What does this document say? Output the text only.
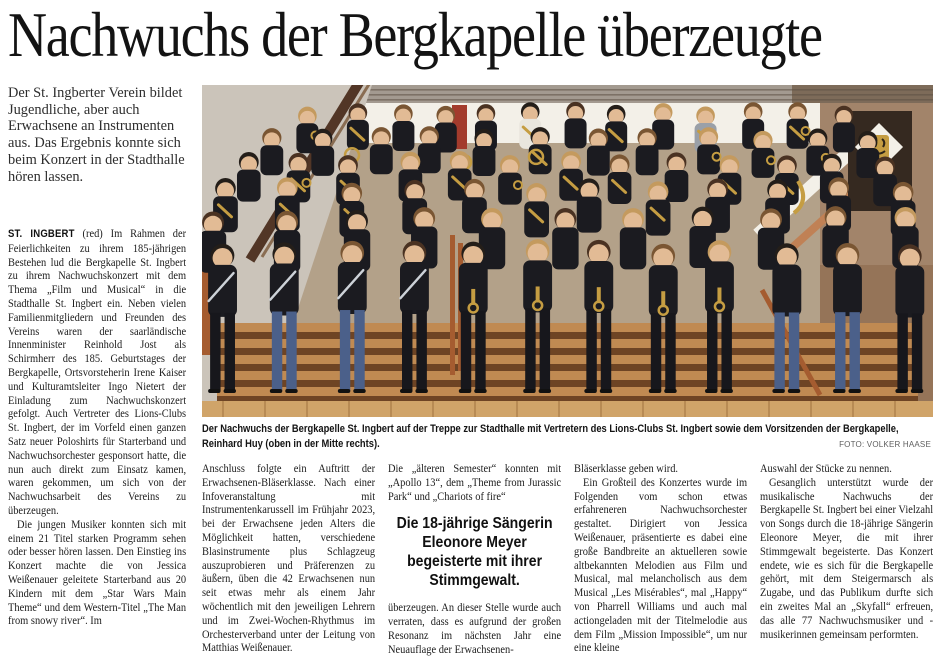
Nachwuchs der Bergkapelle überzeugte
Der St. Ingberter Verein bildet Jugendliche, aber auch Erwachsene an Instrumenten aus. Das Ergebnis konnte sich beim Konzert in der Stadthalle hören lassen.

ST. INGBERT (red) Im Rahmen der Feierlichkeiten zu ihrem 185-jährigen Bestehen lud die Bergkapelle St. Ingbert zu ihrem Nachwuchskonzert mit dem Thema „Film und Musical“ in die Stadthalle St. Ingbert ein. Neben vielen Familienmitgliedern und Freunden des Vereins waren der saarländische Innenminister Reinhold Jost als Schirmherr des 185. Geburtstages der Bergkapelle, Ortsvorsteherin Irene Kaiser und Kulturamtsleiter Ingo Nietert der Einladung zum Nachwuchskonzert gefolgt. Auch Vertreter des Lions-Clubs St. Ingbert, der im Vorfeld einen ganzen Satz neuer Poloshirts für Starterband und Nachwuchsorchester gesponsort hatte, die nun auch direkt zum Einsatz kamen, waren gekommen, um sich von der Nachwuchsarbeit des Vereins zu überzeugen.

Die jungen Musiker konnten sich mit einem 21 Titel starken Programm sehen oder besser hören lassen. Den Einstieg ins Konzert machte die von Jessica Weißenauer geleitete Starterband aus 20 Kindern mit dem „Star Wars Main Theme“ und dem Western-Titel „The Man from snowy river“. Im

Der Nachwuchs der Bergkapelle St. Ingbert auf der Treppe zur Stadthalle mit Vertretern des Lions-Clubs St. Ingbert sowie dem Vorsitzenden der Bergkapelle, Reinhard Huy (oben in der Mitte rechts).	FOTO: VOLKER HAASE

Anschluss folgte ein Auftritt der Erwachsenen-Bläserklasse. Nach einer Infoveranstaltung mit Instrumentenkarussell im Frühjahr 2023, bei der Erwachsene jeden Alters die Möglichkeit hatten, verschiedene Blasinstrumente plus Schlagzeug auszuprobieren und Präferenzen zu äußern, üben die 42 Erwachsenen nun seit etwas mehr als einem Jahr wöchentlich mit den jeweiligen Lehrern und im Zwei-Wochen-Rhythmus im Orchesterverband unter der Leitung von Matthias Weißenauer.

Die „älteren Semester“ konnten mit „Apollo 13“, dem „Theme from Jurassic Park“ und „Chariots of fire“

Die 18-jährige Sängerin Eleonore Meyer begeisterte mit ihrer Stimmgewalt.

überzeugen. An dieser Stelle wurde auch verraten, dass es aufgrund der großen Resonanz im nächsten Jahr eine Neuauflage der Erwachsenen-

Bläserklasse geben wird.

Ein Großteil des Konzertes wurde im Folgenden vom schon etwas erfahreneren Nachwuchsorchester gestaltet. Dirigiert von Jessica Weißenauer, präsentierte es dabei eine große Bandbreite an aktuelleren sowie altbekannten Melodien aus Film und Musical, mal melancholisch aus dem Musical „Les Misérables“, mal „Happy“ von Pharrell Williams und auch mal actiongeladen mit der Titelmelodie aus dem Film „Mission Impossible“, um nur eine kleine

Auswahl der Stücke zu nennen.

Gesanglich unterstützt wurde der musikalische Nachwuchs der Bergkapelle St. Ingbert bei einer Vielzahl von Songs durch die 18-jährige Sängerin Eleonore Meyer, die mit ihrer Stimmgewalt begeisterte. Das Konzert endete, wie es sich für die Bergkapelle gehört, mit dem Steigermarsch als Zugabe, und das Publikum durfte sich ein zweites Mal an „Skyfall“ erfreuen, das alle 77 Nachwuchsmusiker und -musikerinnen gemeinsam performten.
